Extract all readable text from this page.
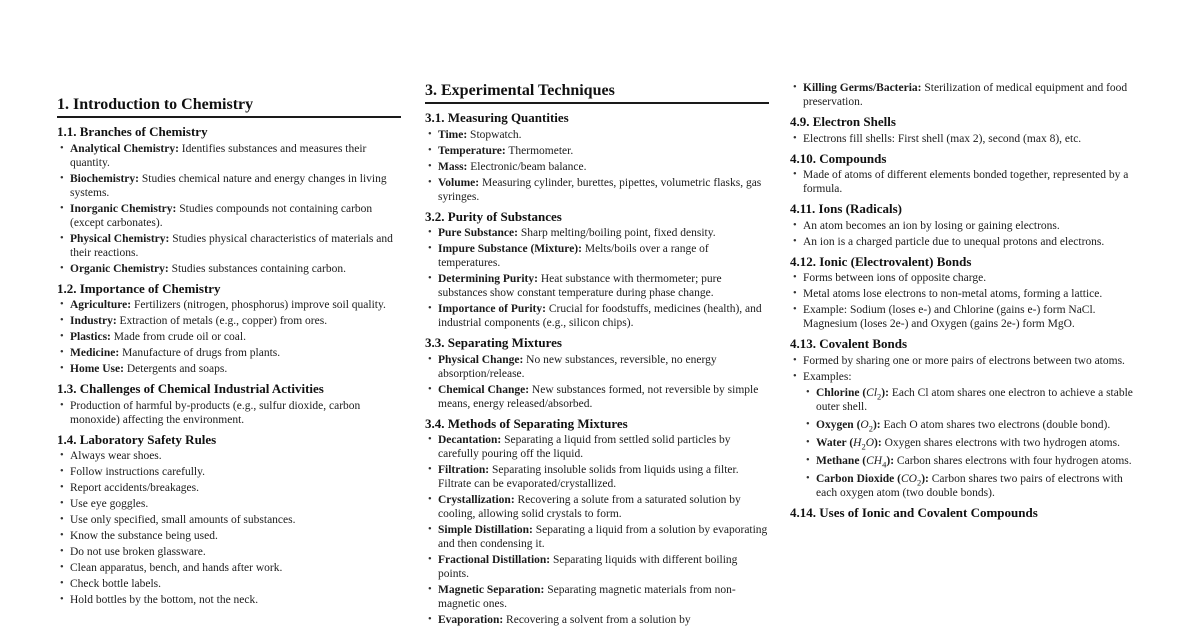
1. Introduction to Chemistry
1.1. Branches of Chemistry
• Analytical Chemistry: Identifies substances and measures their quantity.
• Biochemistry: Studies chemical nature and energy changes in living systems.
• Inorganic Chemistry: Studies compounds not containing carbon (except carbonates).
• Physical Chemistry: Studies physical characteristics of materials and their reactions.
• Organic Chemistry: Studies substances containing carbon.
1.2. Importance of Chemistry
• Agriculture: Fertilizers (nitrogen, phosphorus) improve soil quality.
• Industry: Extraction of metals (e.g., copper) from ores.
• Plastics: Made from crude oil or coal.
• Medicine: Manufacture of drugs from plants.
• Home Use: Detergents and soaps.
1.3. Challenges of Chemical Industrial Activities
• Production of harmful by-products (e.g., sulfur dioxide, carbon monoxide) affecting the environment.
1.4. Laboratory Safety Rules
• Always wear shoes.
• Follow instructions carefully.
• Report accidents/breakages.
• Use eye goggles.
• Use only specified, small amounts of substances.
• Know the substance being used.
• Do not use broken glassware.
• Clean apparatus, bench, and hands after work.
• Check bottle labels.
• Hold bottles by the bottom, not the neck.
3. Experimental Techniques
3.1. Measuring Quantities
• Time: Stopwatch.
• Temperature: Thermometer.
• Mass: Electronic/beam balance.
• Volume: Measuring cylinder, burettes, pipettes, volumetric flasks, gas syringes.
3.2. Purity of Substances
• Pure Substance: Sharp melting/boiling point, fixed density.
• Impure Substance (Mixture): Melts/boils over a range of temperatures.
• Determining Purity: Heat substance with thermometer; pure substances show constant temperature during phase change.
• Importance of Purity: Crucial for foodstuffs, medicines (health), and industrial components (e.g., silicon chips).
3.3. Separating Mixtures
• Physical Change: No new substances, reversible, no energy absorption/release.
• Chemical Change: New substances formed, not reversible by simple means, energy released/absorbed.
3.4. Methods of Separating Mixtures
• Decantation: Separating a liquid from settled solid particles by carefully pouring off the liquid.
• Filtration: Separating insoluble solids from liquids using a filter. Filtrate can be evaporated/crystallized.
• Crystallization: Recovering a solute from a saturated solution by cooling, allowing solid crystals to form.
• Simple Distillation: Separating a liquid from a solution by evaporating and then condensing it.
• Fractional Distillation: Separating liquids with different boiling points.
• Magnetic Separation: Separating magnetic materials from non-magnetic ones.
• Evaporation: Recovering a solvent from a solution by
• Killing Germs/Bacteria: Sterilization of medical equipment and food preservation.
4.9. Electron Shells
• Electrons fill shells: First shell (max 2), second (max 8), etc.
4.10. Compounds
• Made of atoms of different elements bonded together, represented by a formula.
4.11. Ions (Radicals)
• An atom becomes an ion by losing or gaining electrons.
• An ion is a charged particle due to unequal protons and electrons.
4.12. Ionic (Electrovalent) Bonds
• Forms between ions of opposite charge.
• Metal atoms lose electrons to non-metal atoms, forming a lattice.
• Example: Sodium (loses e-) and Chlorine (gains e-) form NaCl. Magnesium (loses 2e-) and Oxygen (gains 2e-) form MgO.
4.13. Covalent Bonds
• Formed by sharing one or more pairs of electrons between two atoms.
• Examples:
• Chlorine $(Cl_2)$: Each Cl atom shares one electron to achieve a stable outer shell.
• Oxygen $(O_2)$: Each O atom shares two electrons (double bond).
• Water $(H_2O)$: Oxygen shares electrons with two hydrogen atoms.
• Methane $(CH_4)$: Carbon shares electrons with four hydrogen atoms.
• Carbon Dioxide $(CO_2)$: Carbon shares two pairs of electrons with each oxygen atom (two double bonds).
4.14. Uses of Ionic and Covalent Compounds
